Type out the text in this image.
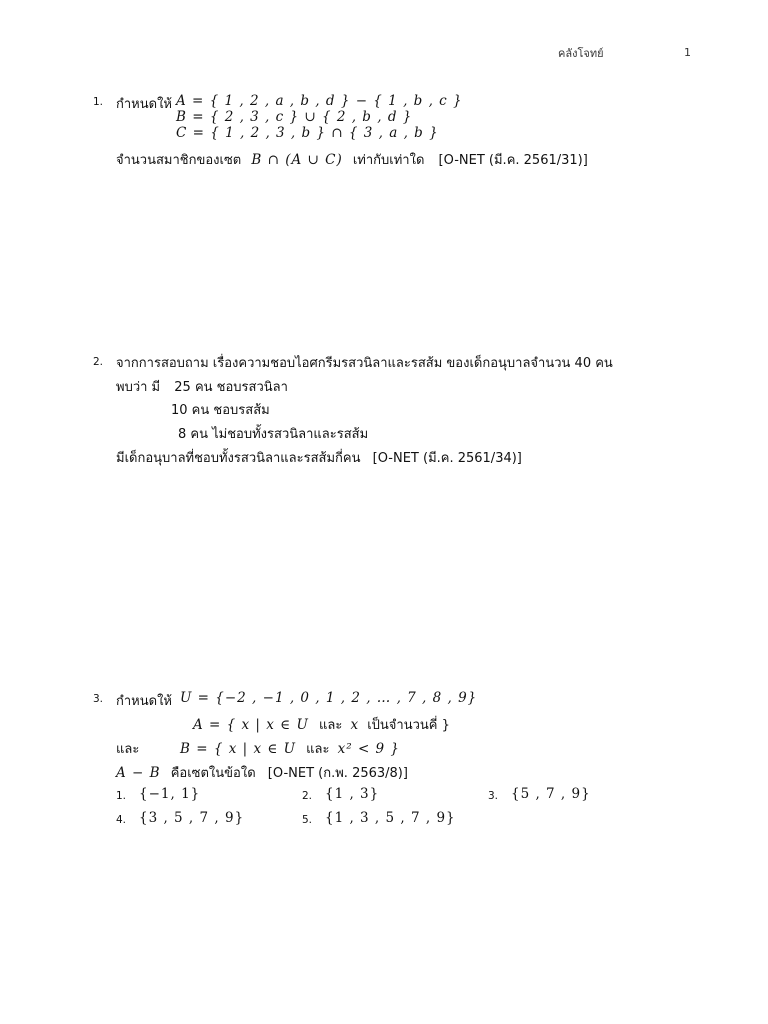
คลังโจทย์	1
1. กำหนดให้ A = { 1 , 2 , a , b , d } − { 1 , b , c }
B = { 2 , 3 , c } ∪ { 2 , b , d }
C = { 1 , 2 , 3 , b } ∩ { 3 , a , b }
จำนวนสมาชิกของเซต B ∩ (A ∪ C) เท่ากับเท่าใด [O-NET (มี.ค. 2561/31)]
2. จากการสอบถาม เรื่องความชอบไอศกรีมรสวนิลาและรสส้ม ของเด็กอนุบาลจำนวน 40 คน
พบว่า มี 25 คน ชอบรสวนิลา
10 คน ชอบรสส้ม
8 คน ไม่ชอบทั้งรสวนิลาและรสส้ม
มีเด็กอนุบาลที่ชอบทั้งรสวนิลาและรสส้มกี่คน [O-NET (มี.ค. 2561/34)]
3. กำหนดให้ U = {−2 , −1 , 0 , 1 , 2 , … , 7 , 8 , 9}
A = { x | x ∈ U และ x เป็นจำนวนคี่ }
และ	B = { x | x ∈ U และ x² < 9 }
A − B คือเซตในข้อใด [O-NET (ก.พ. 2563/8)]
1. {−1, 1}	2. {1 , 3}	3. {5 , 7 , 9}
4. {3 , 5 , 7 , 9}	5. {1 , 3 , 5 , 7 , 9}
